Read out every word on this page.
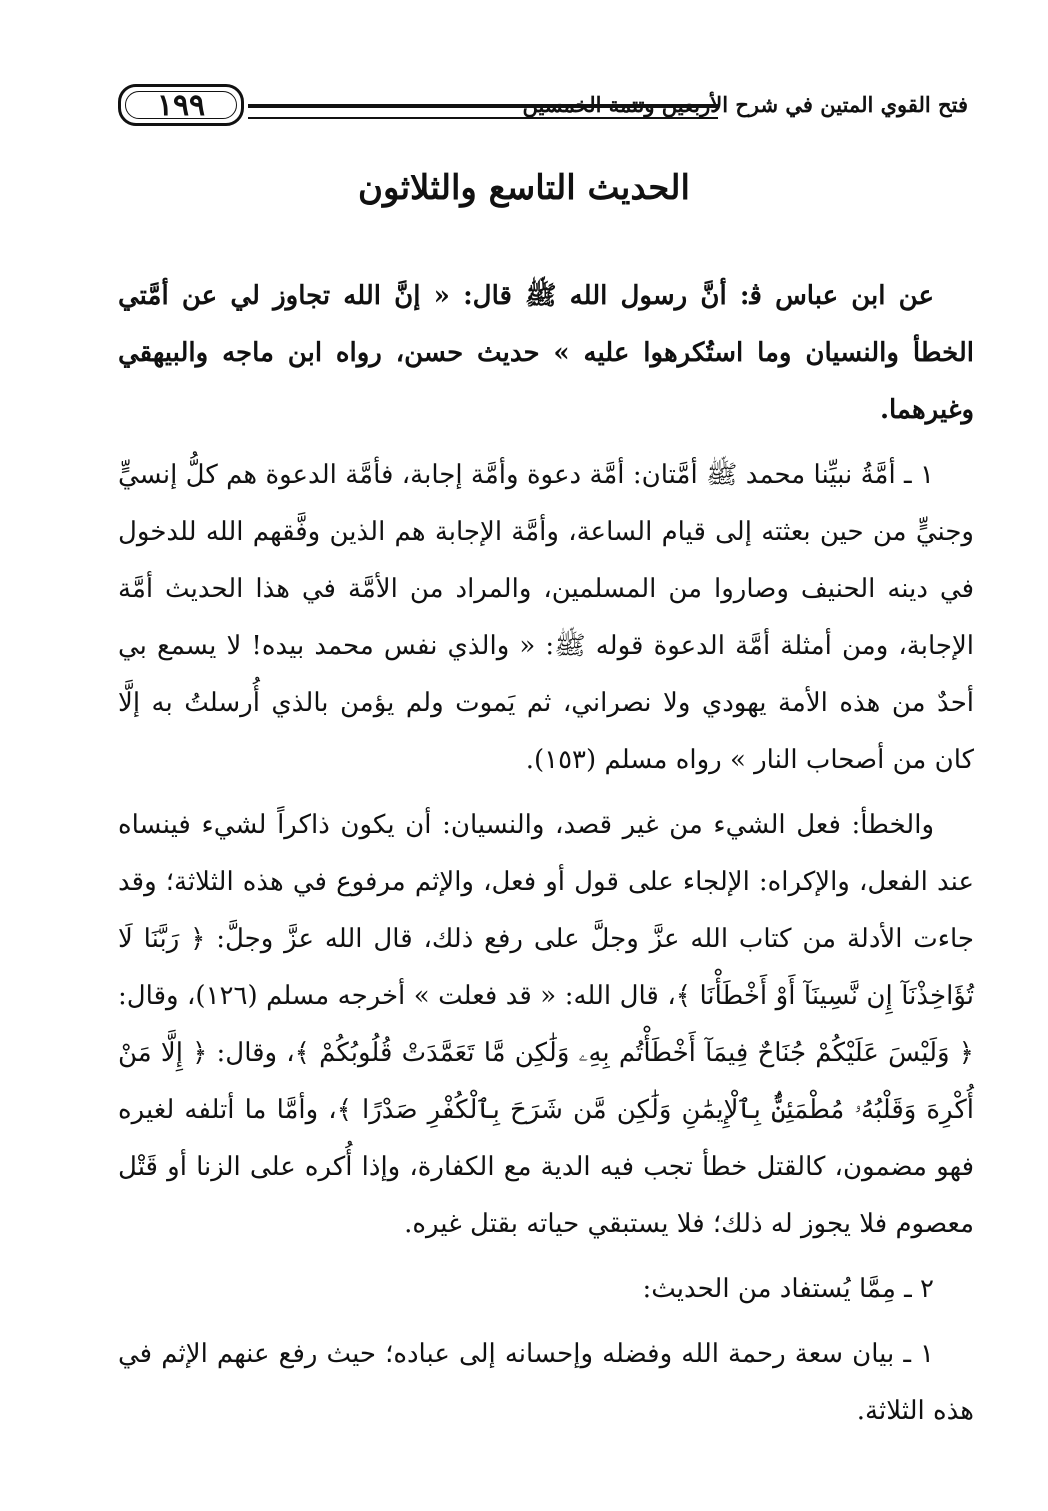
فتح القوي المتين في شرح الأربعين وتتمة الخمسين
١٩٩
الحديث التاسع والثلاثون

عن ابن عباس ﭬ: أنَّ رسول الله ﷺ قال: « إنَّ الله تجاوز لي عن أمَّتي الخطأ والنسيان وما استُكرهوا عليه » حديث حسن، رواه ابن ماجه والبيهقي وغيرهما.

١ ـ أمَّةُ نبيِّنا محمد ﷺ أمَّتان: أمَّة دعوة وأمَّة إجابة، فأمَّة الدعوة هم كلُّ إنسيٍّ وجنيٍّ من حين بعثته إلى قيام الساعة، وأمَّة الإجابة هم الذين وفَّقهم الله للدخول في دينه الحنيف وصاروا من المسلمين، والمراد من الأمَّة في هذا الحديث أمَّة الإجابة، ومن أمثلة أمَّة الدعوة قوله ﷺ: « والذي نفس محمد بيده! لا يسمع بي أحدٌ من هذه الأمة يهودي ولا نصراني، ثم يَموت ولم يؤمن بالذي أُرسلتُ به إلَّا كان من أصحاب النار » رواه مسلم (١٥٣).

والخطأ: فعل الشيء من غير قصد، والنسيان: أن يكون ذاكراً لشيء فينساه عند الفعل، والإكراه: الإلجاء على قول أو فعل، والإثم مرفوع في هذه الثلاثة؛ وقد جاءت الأدلة من كتاب الله عزَّ وجلَّ على رفع ذلك، قال الله عزَّ وجلَّ: ﴿ رَبَّنَا لَا تُؤَاخِذْنَآ إِن نَّسِينَآ أَوْ أَخْطَأْنَا ﴾، قال الله: « قد فعلت » أخرجه مسلم (١٢٦)، وقال: ﴿ وَلَيْسَ عَلَيْكُمْ جُنَاحٌ فِيمَآ أَخْطَأْتُم بِهِۦ وَلَٰكِن مَّا تَعَمَّدَتْ قُلُوبُكُمْ ﴾، وقال: ﴿ إِلَّا مَنْ أُكْرِهَ وَقَلْبُهُۥ مُطْمَئِنٌّۢ بِٱلْإِيمَٰنِ وَلَٰكِن مَّن شَرَحَ بِٱلْكُفْرِ صَدْرًا ﴾، وأمَّا ما أتلفه لغيره فهو مضمون، كالقتل خطأ تجب فيه الدية مع الكفارة، وإذا أُكره على الزنا أو قَتْل معصوم فلا يجوز له ذلك؛ فلا يستبقي حياته بقتل غيره.

٢ ـ مِمَّا يُستفاد من الحديث:

١ ـ بيان سعة رحمة الله وفضله وإحسانه إلى عباده؛ حيث رفع عنهم الإثم في هذه الثلاثة.
